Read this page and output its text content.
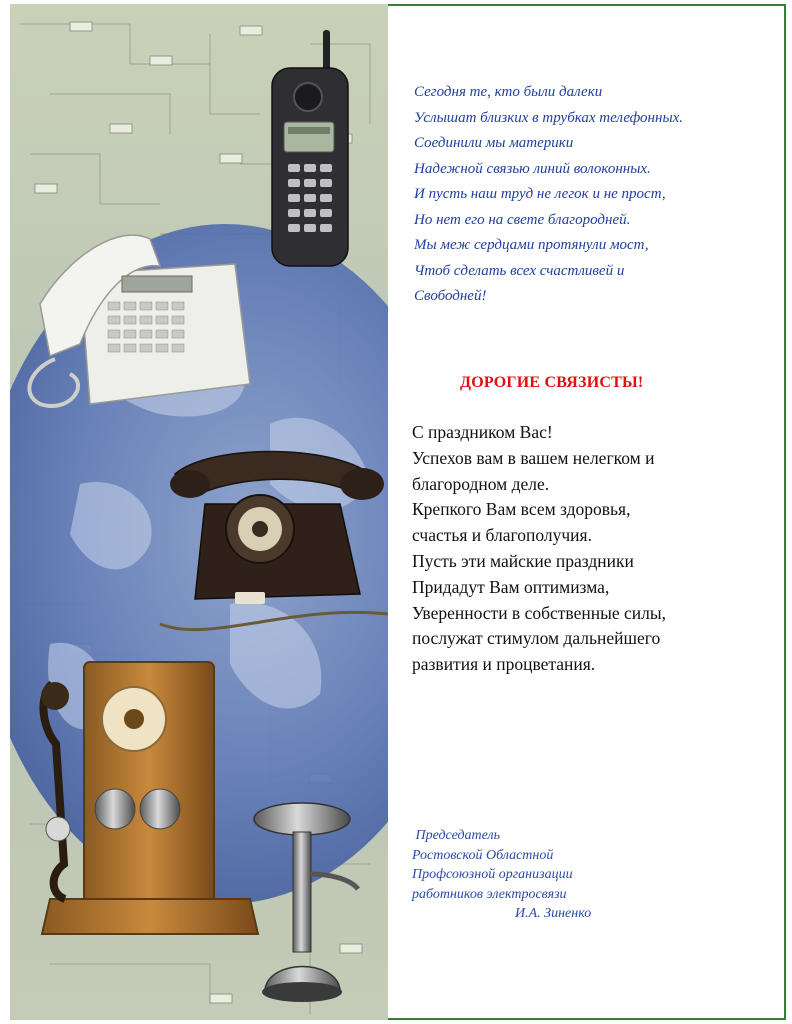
Сегодня те, кто были далеки
Услышат близких в трубках телефонных.
Соединили мы материки
Надежной связью линий волоконных.
И пусть наш труд не легок и не прост,
Но нет его на свете благородней.
Мы меж сердцами протянули мост,
Чтоб сделать всех счастливей и
Свободней!
ДОРОГИЕ СВЯЗИСТЫ!
С праздником Вас!
Успехов вам в вашем нелегком и
благородном деле.
Крепкого Вам всем здоровья,
счастья и благополучия.
Пусть эти майские праздники
Придадут Вам оптимизма,
Уверенности в собственные силы,
послужат стимулом дальнейшего
развития и процветания.
Председатель
Ростовской Областной
Профсоюзной организации
работников электросвязи
И.А. Зиненко
